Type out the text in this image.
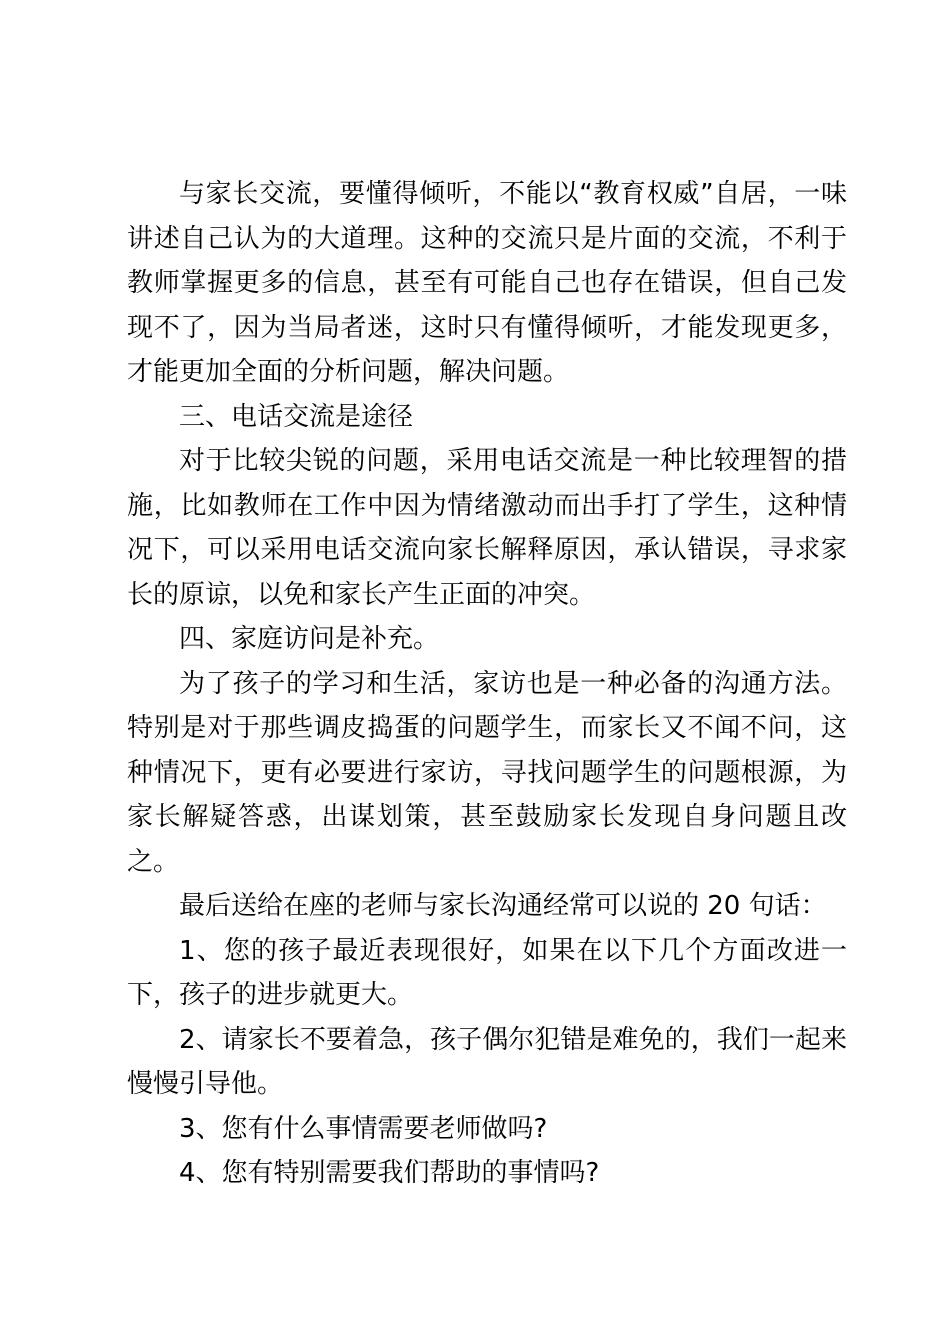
与家长交流，要懂得倾听，不能以“教育权威”自居，一味讲述自己认为的大道理。这种的交流只是片面的交流，不利于教师掌握更多的信息，甚至有可能自己也存在错误，但自己发现不了，因为当局者迷，这时只有懂得倾听，才能发现更多，才能更加全面的分析问题，解决问题。

三、电话交流是途径

对于比较尖锐的问题，采用电话交流是一种比较理智的措施，比如教师在工作中因为情绪激动而出手打了学生，这种情况下，可以采用电话交流向家长解释原因，承认错误，寻求家长的原谅，以免和家长产生正面的冲突。

四、家庭访问是补充。

为了孩子的学习和生活，家访也是一种必备的沟通方法。特别是对于那些调皮捣蛋的问题学生，而家长又不闻不问，这种情况下，更有必要进行家访，寻找问题学生的问题根源，为家长解疑答惑，出谋划策，甚至鼓励家长发现自身问题且改之。

最后送给在座的老师与家长沟通经常可以说的 20 句话：

1、您的孩子最近表现很好，如果在以下几个方面改进一下，孩子的进步就更大。

2、请家长不要着急，孩子偶尔犯错是难免的，我们一起来慢慢引导他。

3、您有什么事情需要老师做吗?

4、您有特别需要我们帮助的事情吗?
